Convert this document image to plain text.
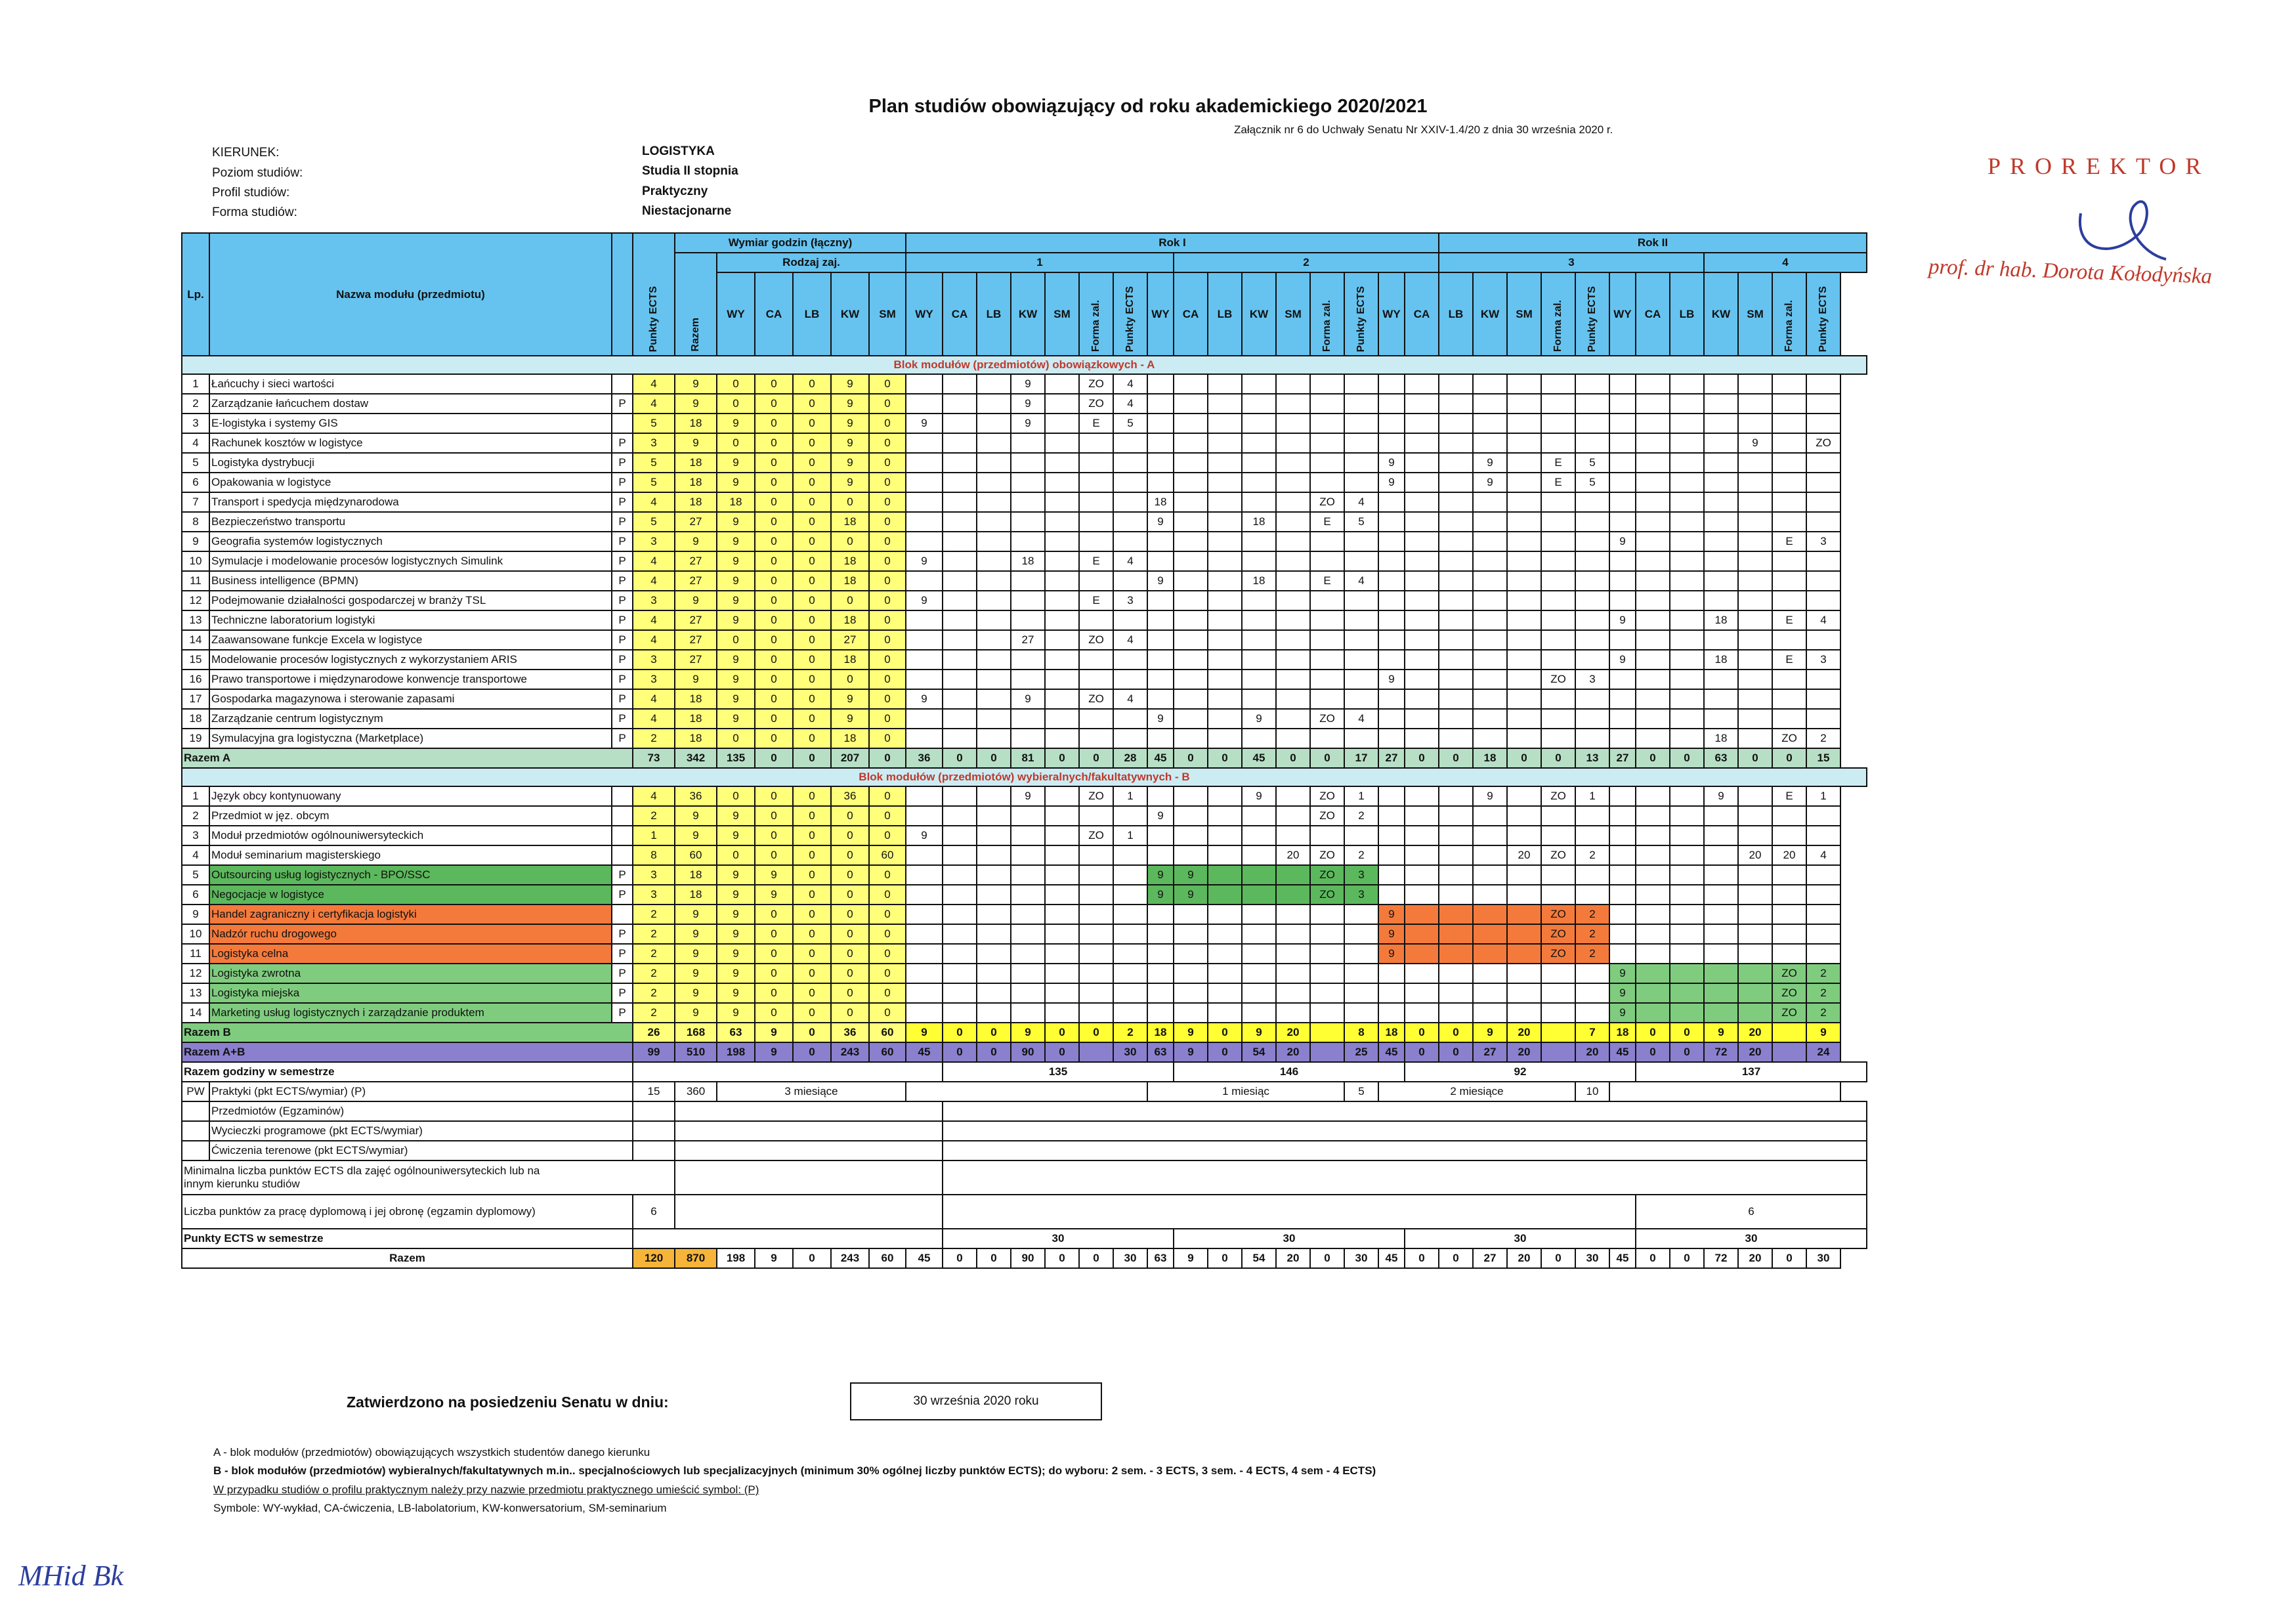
Plan studiów obowiązujący od roku akademickiego 2020/2021
Załącznik nr 6 do Uchwały Senatu Nr XXIV-1.4/20 z dnia 30 września 2020 r.
KIERUNEK:	LOGISTYKA
Poziom studiów:	Studia II stopnia
Profil studiów:	Praktyczny
Forma studiów:	Niestacjonarne
PROREKTOR
prof. dr hab. Dorota Kołodyńska
Lp.	Nazwa modułu (przedmiotu)		Punkty ECTS	Wymiar godzin (łączny)						Rok I																Rok II											
				Razem	Rodzaj zaj.					1								2								3								4			
					WY	CA	LB	KW	SM	WY	CA	LB	KW	SM	Forma zal.	Punkty ECTS	WY	CA	LB	KW	SM	Forma zal.	Punkty ECTS	WY	CA	LB	KW	SM	Forma zal.	Punkty ECTS	WY	CA	LB	KW	SM	Forma zal.	Punkty ECTS
Blok modułów (przedmiotów) obowiązkowych - A																																					
1	Łańcuchy i sieci wartości		4	9	0	0	0	9	0				9		ZO	4																					
2	Zarządzanie łańcuchem dostaw	P	4	9	0	0	0	9	0				9		ZO	4																					
3	E-logistyka i systemy GIS		5	18	9	0	0	9	0	9			9		E	5																					
4	Rachunek kosztów w logistyce	P	3	9	0	0	0	9	0																										9		ZO
5	Logistyka dystrybucji	P	5	18	9	0	0	9	0															9			9		E	5							
6	Opakowania w logistyce	P	5	18	9	0	0	9	0															9			9		E	5							
7	Transport i spedycja międzynarodowa	P	4	18	18	0	0	0	0								18					ZO	4														
8	Bezpieczeństwo transportu	P	5	27	9	0	0	18	0								9			18		E	5														
9	Geografia systemów logistycznych	P	3	9	9	0	0	0	0																						9					E	3
10	Symulacje i modelowanie procesów logistycznych Simulink	P	4	27	9	0	0	18	0	9			18		E	4																					
11	Business intelligence (BPMN)	P	4	27	9	0	0	18	0								9			18		E	4														
12	Podejmowanie działalności gospodarczej w branży TSL	P	3	9	9	0	0	0	0	9					E	3																					
13	Techniczne laboratorium logistyki	P	4	27	9	0	0	18	0																						9			18		E	4
14	Zaawansowane funkcje Excela w logistyce	P	4	27	0	0	0	27	0				27		ZO	4																					
15	Modelowanie procesów logistycznych z wykorzystaniem ARIS	P	3	27	9	0	0	18	0																						9			18		E	3
16	Prawo transportowe i międzynarodowe konwencje transportowe	P	3	9	9	0	0	0	0															9					ZO	3							
17	Gospodarka magazynowa i sterowanie zapasami	P	4	18	9	0	0	9	0	9			9		ZO	4																					
18	Zarządzanie centrum logistycznym	P	4	18	9	0	0	9	0								9			9		ZO	4														
19	Symulacyjna gra logistyczna (Marketplace)	P	2	18	0	0	0	18	0																									18		ZO	2
Razem A			73	342	135	0	0	207	0	36	0	0	81	0	0	28	45	0	0	45	0	0	17	27	0	0	18	0	0	13	27	0	0	63	0	0	15
Blok modułów (przedmiotów) wybieralnych/fakultatywnych - B																																					
1	Język obcy kontynuowany		4	36	0	0	0	36	0				9		ZO	1				9		ZO	1				9		ZO	1				9		E	1
2	Przedmiot w jęz. obcym		2	9	9	0	0	0	0								9					ZO	2														
3	Moduł przedmiotów ogólnouniwersyteckich		1	9	9	0	0	0	0	9					ZO	1																					
4	Moduł seminarium magisterskiego		8	60	0	0	0	0	60												20	ZO	2					20	ZO	2					20	20	4
5	Outsourcing usług logistycznych - BPO/SSC	P	3	18	9	9	0	0	0								9	9				ZO	3														
6	Negocjacje w logistyce	P	3	18	9	9	0	0	0								9	9				ZO	3														
9	Handel zagraniczny i certyfikacja logistyki		2	9	9	0	0	0	0															9					ZO	2							
10	Nadzór ruchu drogowego	P	2	9	9	0	0	0	0															9					ZO	2							
11	Logistyka celna	P	2	9	9	0	0	0	0															9					ZO	2							
12	Logistyka zwrotna	P	2	9	9	0	0	0	0																						9					ZO	2
13	Logistyka miejska	P	2	9	9	0	0	0	0																						9					ZO	2
14	Marketing usług logistycznych i zarządzanie produktem	P	2	9	9	0	0	0	0																						9					ZO	2
Razem B			26	168	63	9	0	36	60	9	0	0	9	0	0	2	18	9	0	9	20		8	18	0	0	9	20		7	18	0	0	9	20		9
Razem A+B			99	510	198	9	0	243	60	45	0	0	90	0		30	63	9	0	54	20		25	45	0	0	27	20		20	45	0	0	72	20		24
Razem godziny w semestrze											135							146							92							137					
PW	Praktyki (pkt ECTS/wymiar) (P)		15	360	3 miesiące												1 miesiąc						5	2 miesiące						10							
	Przedmiotów (Egzaminów)																																				
	Wycieczki programowe (pkt ECTS/wymiar)																																				
	Ćwiczenia terenowe (pkt ECTS/wymiar)																																				

Minimalna liczba punktów ECTS dla zajęć ogólnouniwersyteckich lub na
innym kierunku studiów																																					

Liczba punktów za pracę dyplomową i jej obronę (egzamin dyplomowy)			6																													6					
Punkty ECTS w semestrze											30							30							30							30					
Razem			120	870	198	9	0	243	60	45	0	0	90	0	0	30	63	9	0	54	20	0	30	45	0	0	27	20	0	30	45	0	0	72	20	0	30
Zatwierdzono na posiedzeniu Senatu w dniu:	30 września 2020 roku
A - blok modułów (przedmiotów) obowiązujących wszystkich studentów danego kierunku
B - blok modułów (przedmiotów) wybieralnych/fakultatywnych m.in.. specjalnościowych lub specjalizacyjnych (minimum 30% ogólnej liczby punktów ECTS); do wyboru: 2 sem. - 3 ECTS, 3 sem. - 4 ECTS, 4 sem - 4 ECTS)
W przypadku studiów o profilu praktycznym należy przy nazwie przedmiotu praktycznego umieścić symbol: (P)
Symbole: WY-wykład, CA-ćwiczenia, LB-labolatorium, KW-konwersatorium, SM-seminarium
MHid Bk
